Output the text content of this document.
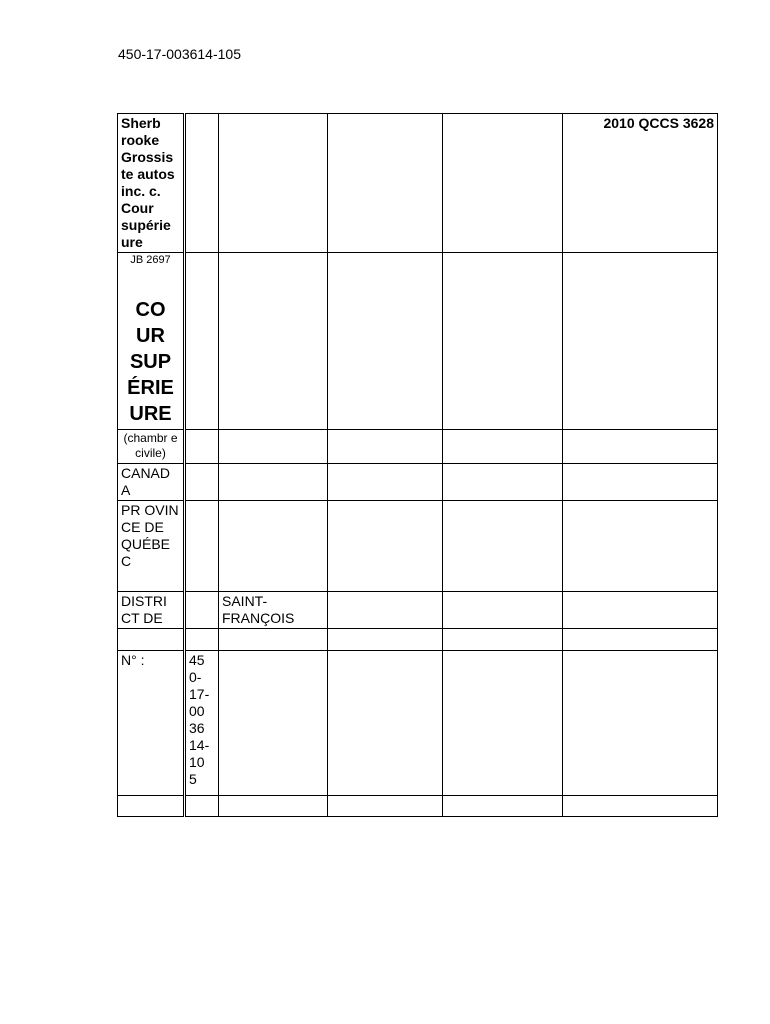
450-17-003614-105
Sherb rooke Grossis te autos inc. c. Cour supérie ure					2010 QCCS 3628

JB 2697
CO UR SUP ÉRIE URE					

(chambr e civile)					
CANAD A					
PR OVIN CE DE QUÉBE C					
DISTRI CT DE		SAINT- FRANÇOIS			

N° :	45 0- 17- 00 36 14- 10 5				
